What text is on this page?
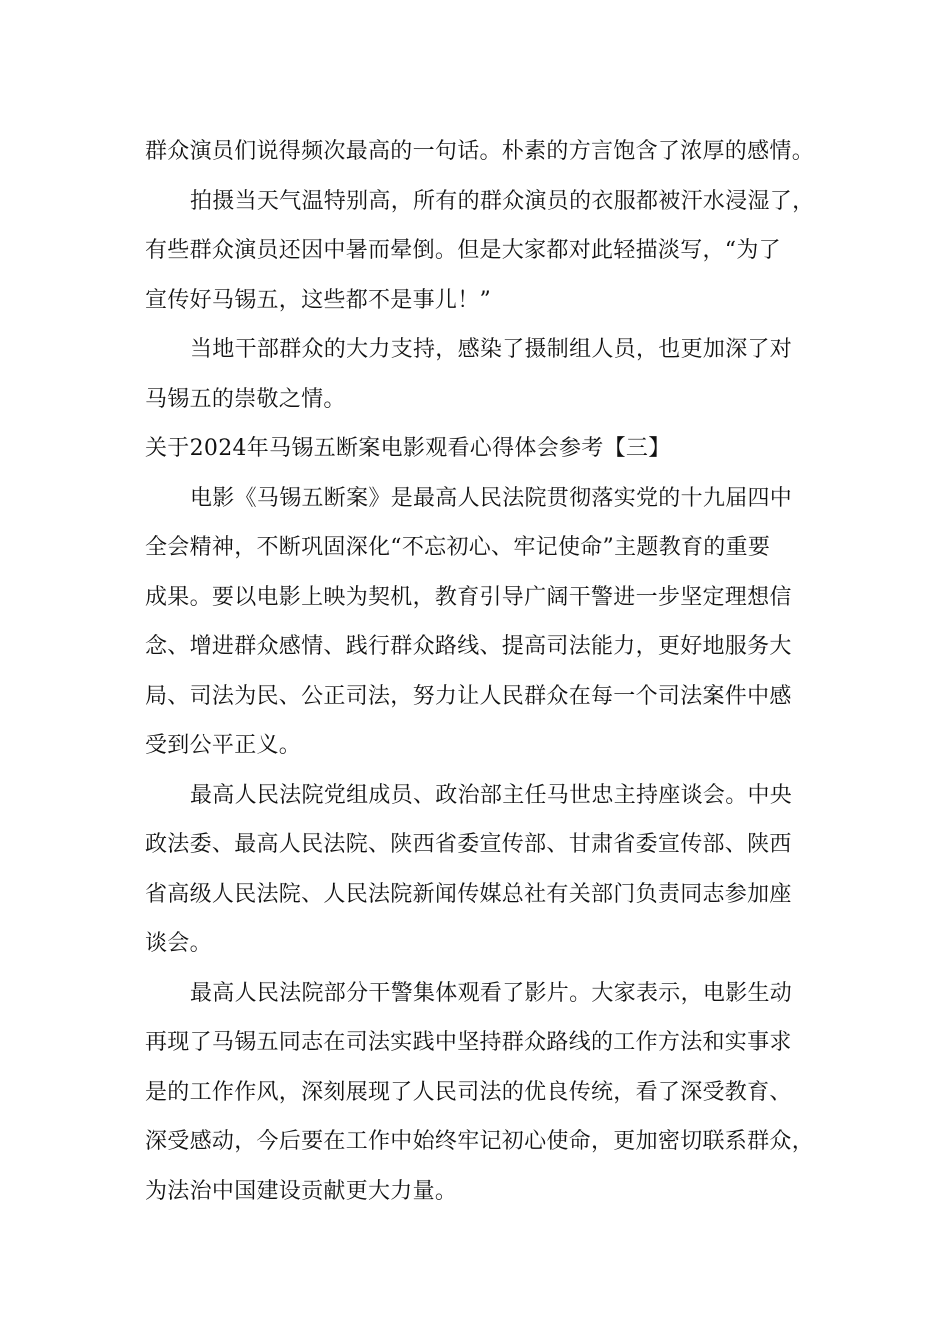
群众演员们说得频次最高的一句话。朴素的方言饱含了浓厚的感情。
拍摄当天气温特别高，所有的群众演员的衣服都被汗水浸湿了，
有些群众演员还因中暑而晕倒。但是大家都对此轻描淡写，“为了
宣传好马锡五，这些都不是事儿！”
当地干部群众的大力支持，感染了摄制组人员，也更加深了对
马锡五的崇敬之情。
关于2024年马锡五断案电影观看心得体会参考【三】
电影《马锡五断案》是最高人民法院贯彻落实党的十九届四中
全会精神，不断巩固深化“不忘初心、牢记使命”主题教育的重要
成果。要以电影上映为契机，教育引导广阔干警进一步坚定理想信
念、增进群众感情、践行群众路线、提高司法能力，更好地服务大
局、司法为民、公正司法，努力让人民群众在每一个司法案件中感
受到公平正义。
最高人民法院党组成员、政治部主任马世忠主持座谈会。中央
政法委、最高人民法院、陕西省委宣传部、甘肃省委宣传部、陕西
省高级人民法院、人民法院新闻传媒总社有关部门负责同志参加座
谈会。
最高人民法院部分干警集体观看了影片。大家表示，电影生动
再现了马锡五同志在司法实践中坚持群众路线的工作方法和实事求
是的工作作风，深刻展现了人民司法的优良传统，看了深受教育、
深受感动，今后要在工作中始终牢记初心使命，更加密切联系群众，
为法治中国建设贡献更大力量。
